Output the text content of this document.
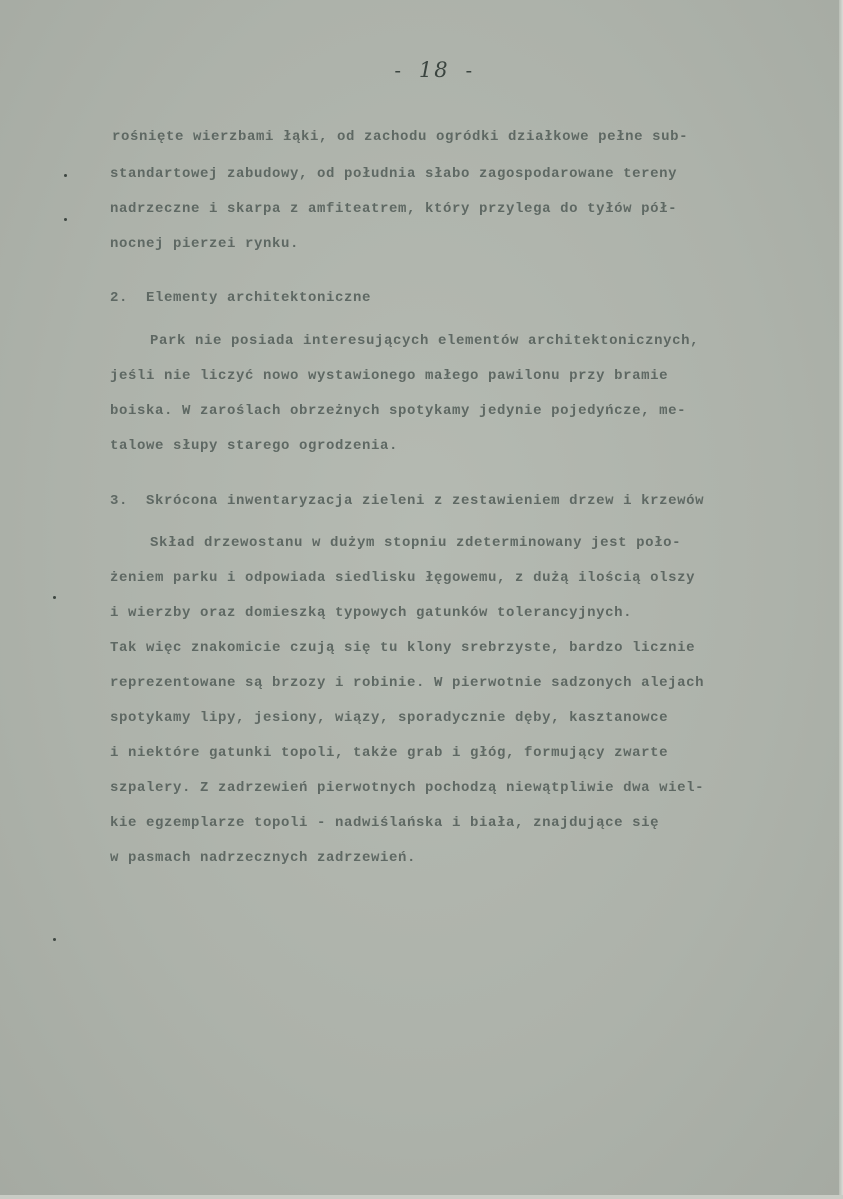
- 18 -
rośnięte wierzbami łąki, od zachodu ogródki działkowe pełne sub-
standartowej zabudowy, od południa słabo zagospodarowane tereny
nadrzeczne i skarpa z amfiteatrem, który przylega do tyłów pół-
nocnej pierzei rynku.
2.  Elementy architektoniczne
Park nie posiada interesujących elementów architektonicznych,
jeśli nie liczyć nowo wystawionego małego pawilonu przy bramie
boiska. W zaroślach obrzeżnych spotykamy jedynie pojedyńcze, me-
talowe słupy starego ogrodzenia.
3.  Skrócona inwentaryzacja zieleni z zestawieniem drzew i krzewów
Skład drzewostanu w dużym stopniu zdeterminowany jest poło-
żeniem parku i odpowiada siedlisku łęgowemu, z dużą ilością olszy
i wierzby oraz domieszką typowych gatunków tolerancyjnych.
Tak więc znakomicie czują się tu klony srebrzyste, bardzo licznie
reprezentowane są brzozy i robinie. W pierwotnie sadzonych alejach
spotykamy lipy, jesiony, wiązy, sporadycznie dęby, kasztanowce
i niektóre gatunki topoli, także grab i głóg, formujący zwarte
szpalery. Z zadrzewień pierwotnych pochodzą niewątpliwie dwa wiel-
kie egzemplarze topoli - nadwiślańska i biała, znajdujące się
w pasmach nadrzecznych zadrzewień.
